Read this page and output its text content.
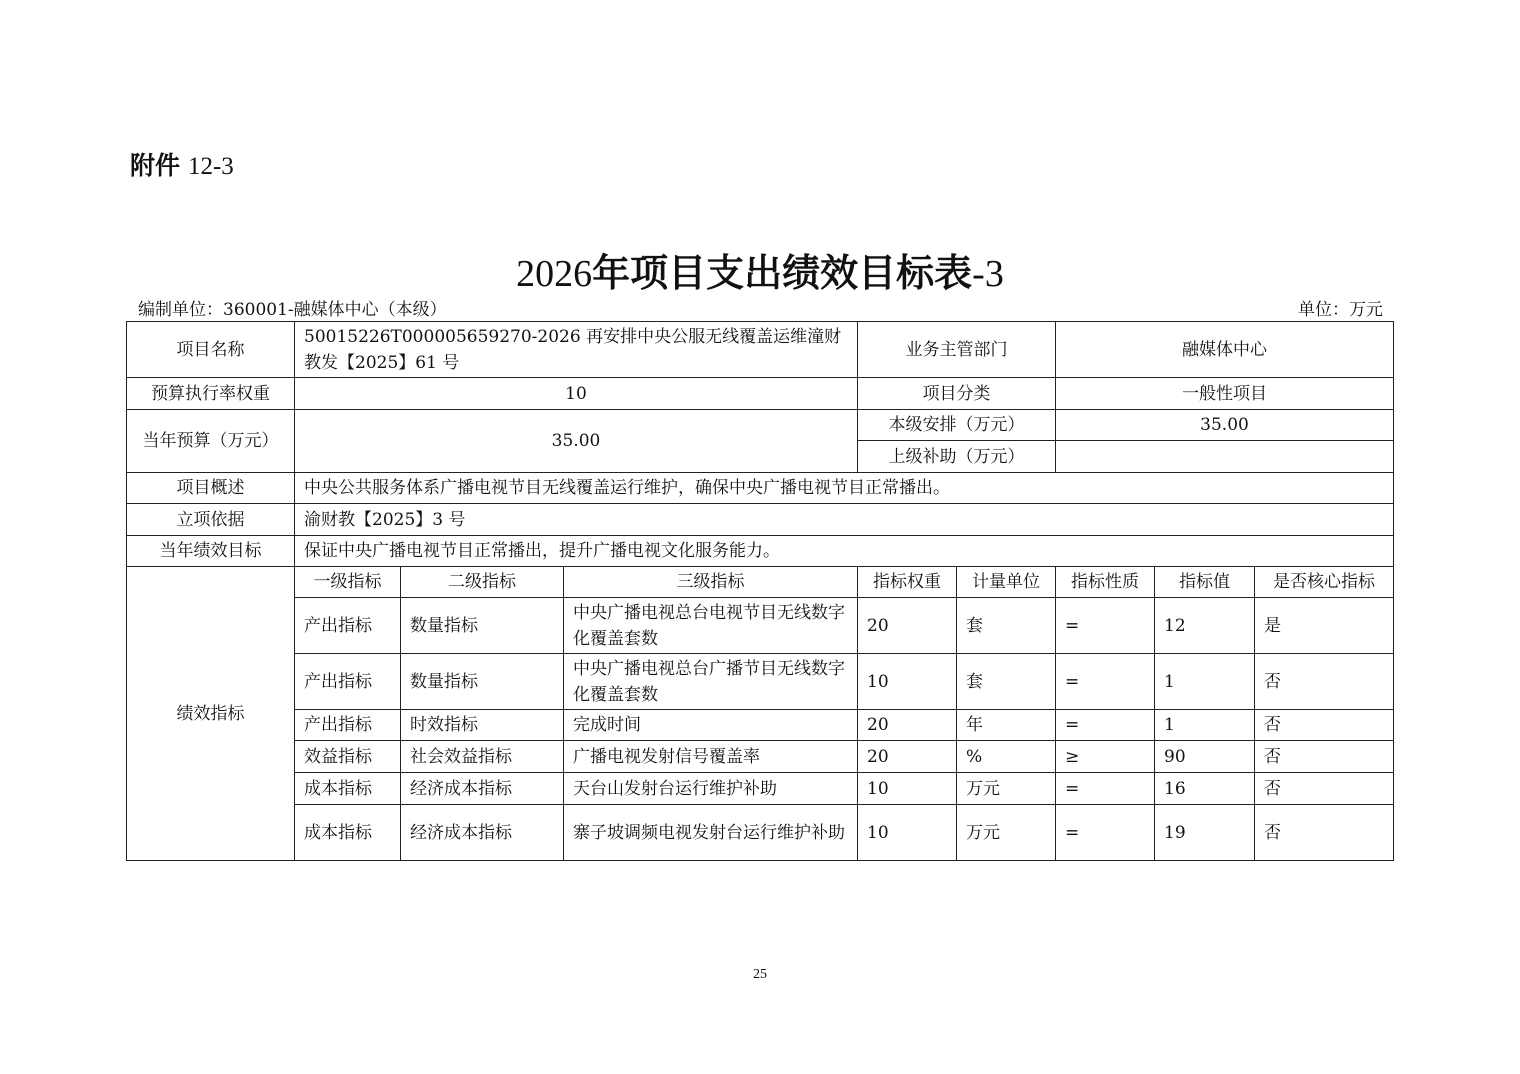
附件 12-3
2026年项目支出绩效目标表-3
编制单位：360001-融媒体中心（本级）	单位：万元
项目名称	50015226T000005659270-2026 再安排中央公服无线覆盖运维潼财教发【2025】61 号			业务主管部门		融媒体中心		
预算执行率权重	10			项目分类		一般性项目		
当年预算（万元）	35.00			本级安排（万元）		35.00		
				上级补助（万元）				
项目概述	中央公共服务体系广播电视节目无线覆盖运行维护，确保中央广播电视节目正常播出。							
立项依据	渝财教【2025】3 号							
当年绩效目标	保证中央广播电视节目正常播出，提升广播电视文化服务能力。							
绩效指标	一级指标	二级指标	三级指标	指标权重	计量单位	指标性质	指标值	是否核心指标
	产出指标	数量指标	中央广播电视总台电视节目无线数字化覆盖套数	20	套	=	12	是
	产出指标	数量指标	中央广播电视总台广播节目无线数字化覆盖套数	10	套	=	1	否
	产出指标	时效指标	完成时间	20	年	=	1	否
	效益指标	社会效益指标	广播电视发射信号覆盖率	20	%	≥	90	否
	成本指标	经济成本指标	天台山发射台运行维护补助	10	万元	=	16	否
	成本指标	经济成本指标	寨子坡调频电视发射台运行维护补助	10	万元	=	19	否
25
